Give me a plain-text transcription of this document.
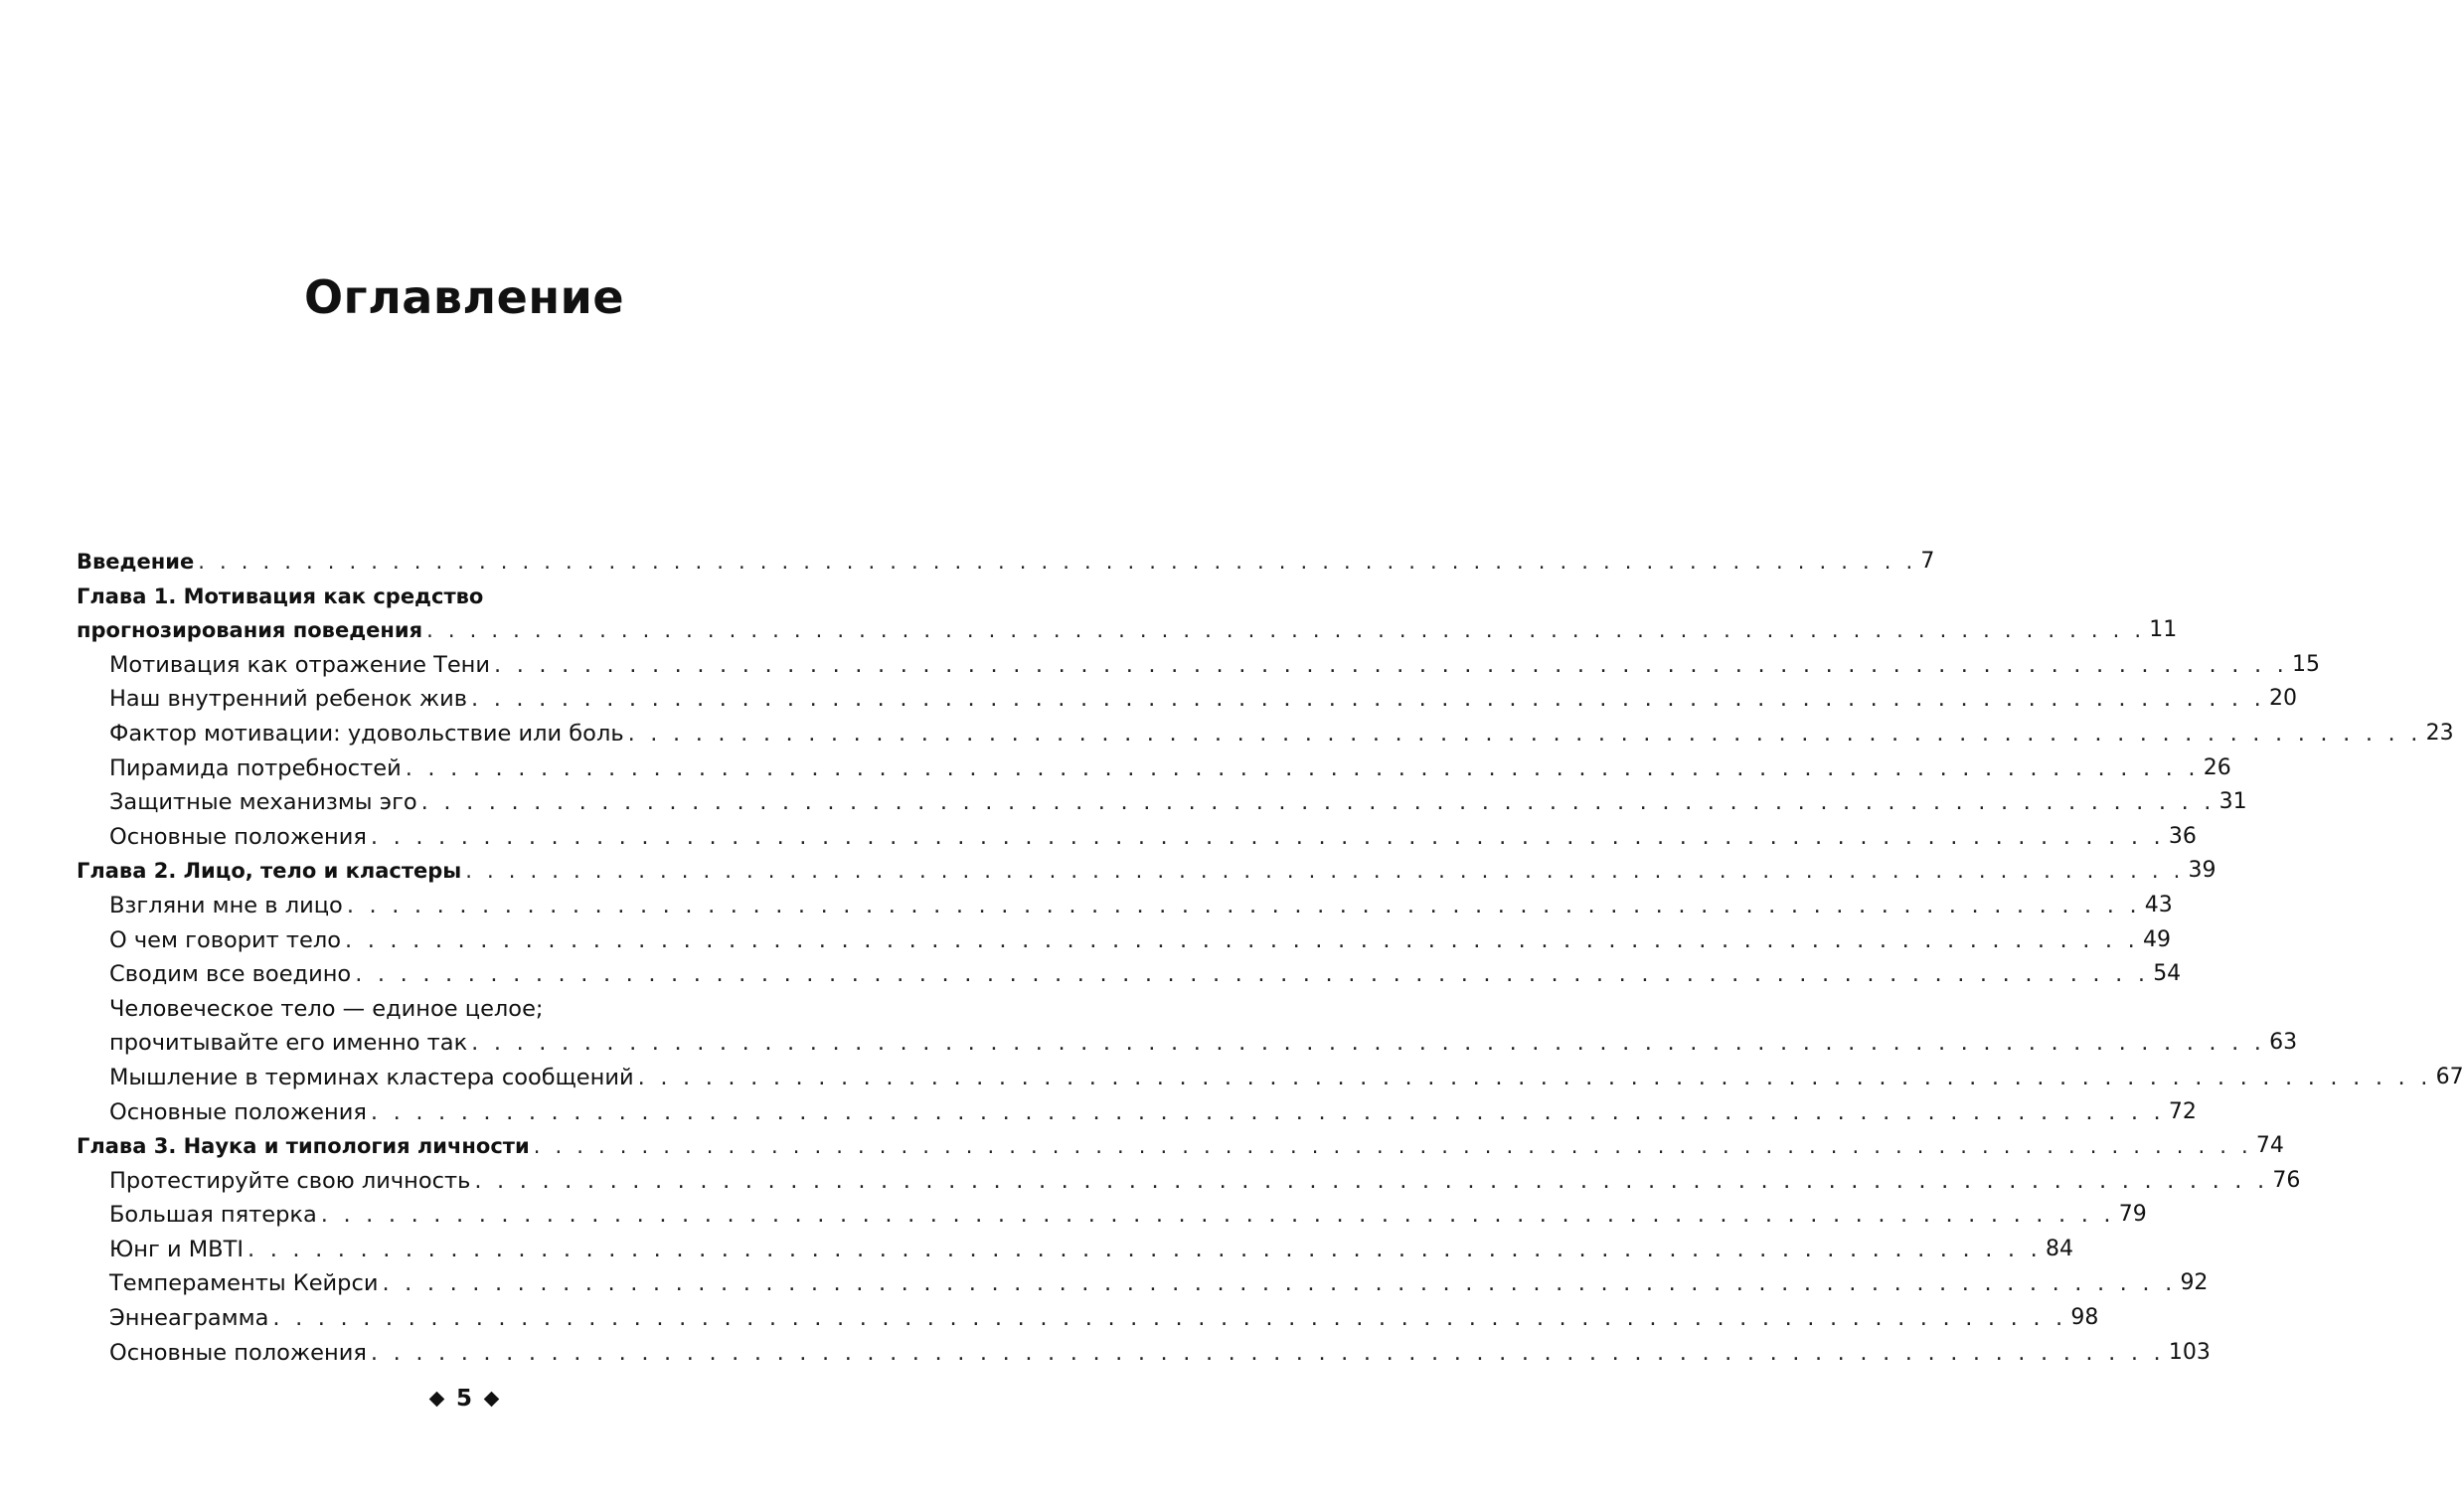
Оглавление
Введение . . . . . . . . . . . . . . . . . . . . . . . . . . . . . . . . . . . . . . . . . . . . . . . . . . . . . . . . . . . . . . . . . . . . . . . . . . . . . . . . 7
Глава 1. Мотивация как средство
прогнозирования поведения . . . . . . . . . . . . . . . . . . . . . . . . . . . . . . . . . . . . . . . . . . . . . . . . . . . . . . . . . . . . . . . . . . . . . . . . . . . . . . . . 11
Мотивация как отражение Тени . . . . . . . . . . . . . . . . . . . . . . . . . . . . . . . . . . . . . . . . . . . . . . . . . . . . . . . . . . . . . . . . . . . . . . . . . . . . . . . . 15
Наш внутренний ребенок жив . . . . . . . . . . . . . . . . . . . . . . . . . . . . . . . . . . . . . . . . . . . . . . . . . . . . . . . . . . . . . . . . . . . . . . . . . . . . . . . . 20
Фактор мотивации: удовольствие или боль . . . . . . . . . . . . . . . . . . . . . . . . . . . . . . . . . . . . . . . . . . . . . . . . . . . . . . . . . . . . . . . . . . . . . . . . . . . . . . . . 23
Пирамида потребностей . . . . . . . . . . . . . . . . . . . . . . . . . . . . . . . . . . . . . . . . . . . . . . . . . . . . . . . . . . . . . . . . . . . . . . . . . . . . . . . . 26
Защитные механизмы эго . . . . . . . . . . . . . . . . . . . . . . . . . . . . . . . . . . . . . . . . . . . . . . . . . . . . . . . . . . . . . . . . . . . . . . . . . . . . . . . . 31
Основные положения . . . . . . . . . . . . . . . . . . . . . . . . . . . . . . . . . . . . . . . . . . . . . . . . . . . . . . . . . . . . . . . . . . . . . . . . . . . . . . . . 36
Глава 2. Лицо, тело и кластеры . . . . . . . . . . . . . . . . . . . . . . . . . . . . . . . . . . . . . . . . . . . . . . . . . . . . . . . . . . . . . . . . . . . . . . . . . . . . . . . . 39
Взгляни мне в лицо . . . . . . . . . . . . . . . . . . . . . . . . . . . . . . . . . . . . . . . . . . . . . . . . . . . . . . . . . . . . . . . . . . . . . . . . . . . . . . . . 43
О чем говорит тело . . . . . . . . . . . . . . . . . . . . . . . . . . . . . . . . . . . . . . . . . . . . . . . . . . . . . . . . . . . . . . . . . . . . . . . . . . . . . . . . 49
Сводим все воедино . . . . . . . . . . . . . . . . . . . . . . . . . . . . . . . . . . . . . . . . . . . . . . . . . . . . . . . . . . . . . . . . . . . . . . . . . . . . . . . . 54
Человеческое тело — единое целое;
прочитывайте его именно так . . . . . . . . . . . . . . . . . . . . . . . . . . . . . . . . . . . . . . . . . . . . . . . . . . . . . . . . . . . . . . . . . . . . . . . . . . . . . . . . 63
Мышление в терминах кластера сообщений . . . . . . . . . . . . . . . . . . . . . . . . . . . . . . . . . . . . . . . . . . . . . . . . . . . . . . . . . . . . . . . . . . . . . . . . . . . . . . . . 67
Основные положения . . . . . . . . . . . . . . . . . . . . . . . . . . . . . . . . . . . . . . . . . . . . . . . . . . . . . . . . . . . . . . . . . . . . . . . . . . . . . . . . 72
Глава 3. Наука и типология личности . . . . . . . . . . . . . . . . . . . . . . . . . . . . . . . . . . . . . . . . . . . . . . . . . . . . . . . . . . . . . . . . . . . . . . . . . . . . . . . . 74
Протестируйте свою личность . . . . . . . . . . . . . . . . . . . . . . . . . . . . . . . . . . . . . . . . . . . . . . . . . . . . . . . . . . . . . . . . . . . . . . . . . . . . . . . . 76
Большая пятерка . . . . . . . . . . . . . . . . . . . . . . . . . . . . . . . . . . . . . . . . . . . . . . . . . . . . . . . . . . . . . . . . . . . . . . . . . . . . . . . . 79
Юнг и MBTI . . . . . . . . . . . . . . . . . . . . . . . . . . . . . . . . . . . . . . . . . . . . . . . . . . . . . . . . . . . . . . . . . . . . . . . . . . . . . . . . 84
Темпераменты Кейрси . . . . . . . . . . . . . . . . . . . . . . . . . . . . . . . . . . . . . . . . . . . . . . . . . . . . . . . . . . . . . . . . . . . . . . . . . . . . . . . . 92
Эннеаграмма . . . . . . . . . . . . . . . . . . . . . . . . . . . . . . . . . . . . . . . . . . . . . . . . . . . . . . . . . . . . . . . . . . . . . . . . . . . . . . . . 98
Основные положения . . . . . . . . . . . . . . . . . . . . . . . . . . . . . . . . . . . . . . . . . . . . . . . . . . . . . . . . . . . . . . . . . . . . . . . . . . . . . . . . 103
5
